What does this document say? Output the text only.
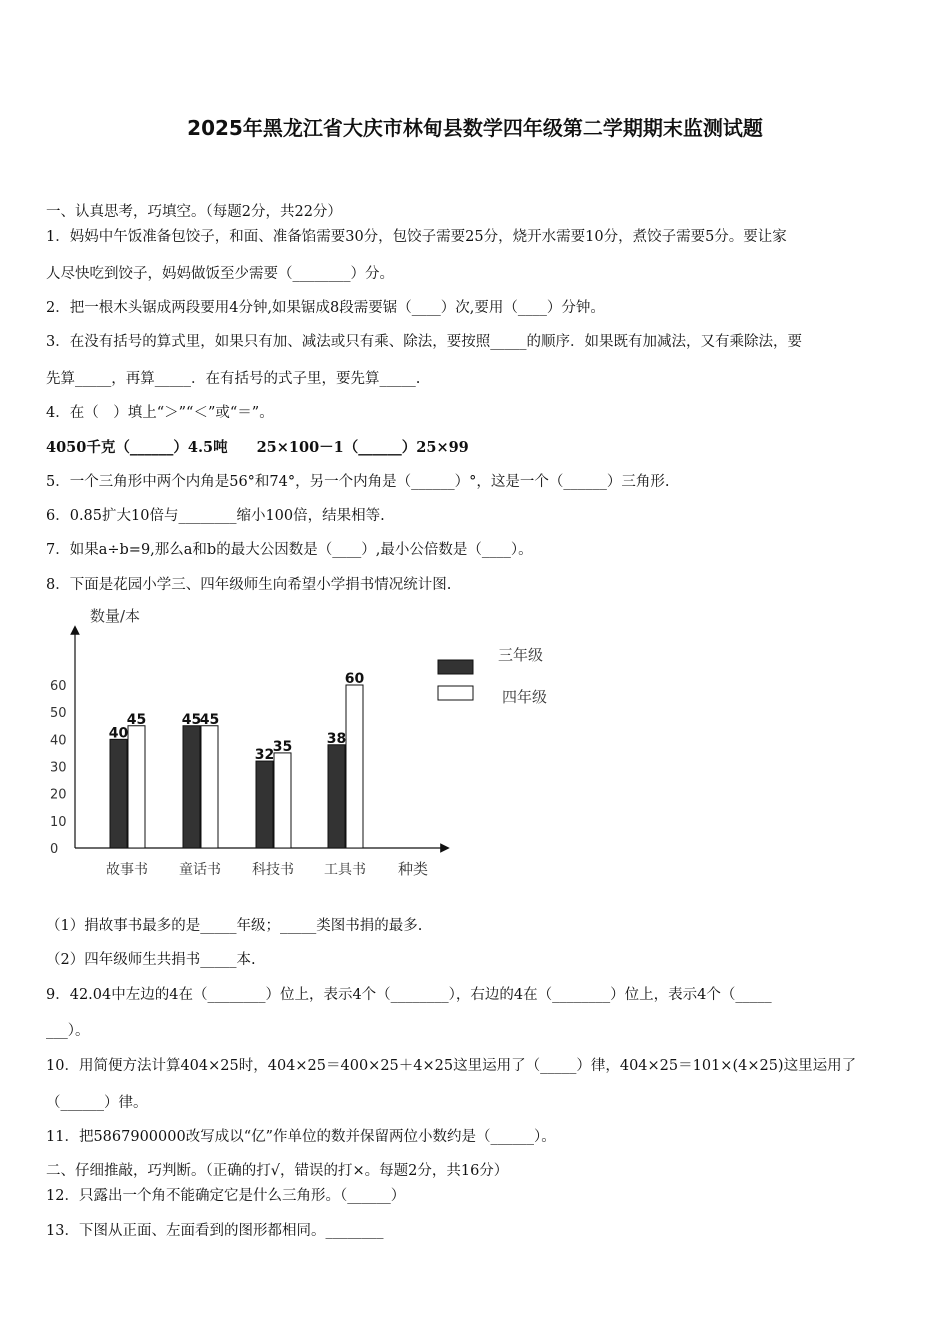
2025年黑龙江省大庆市林甸县数学四年级第二学期期末监测试题
一、认真思考，巧填空。（每题2分，共22分）
1．妈妈中午饭准备包饺子，和面、准备馅需要30分，包饺子需要25分，烧开水需要10分，煮饺子需要5分。要让家
人尽快吃到饺子，妈妈做饭至少需要（________）分。
2．把一根木头锯成两段要用4分钟,如果锯成8段需要锯（____）次,要用（____）分钟。
3．在没有括号的算式里，如果只有加、减法或只有乘、除法，要按照_____的顺序．如果既有加减法，又有乘除法，要
先算_____，再算_____．在有括号的式子里，要先算_____.
4．在（　）填上“＞”“＜”或“＝”。
4050千克（______）4.5吨　　25×100－1（______）25×99
5．一个三角形中两个内角是56°和74°，另一个内角是（______）°，这是一个（______）三角形.
6．0.85扩大10倍与________缩小100倍，结果相等.
7．如果a÷b=9,那么a和b的最大公因数是（____）,最小公倍数是（____）。
8．下面是花园小学三、四年级师生向希望小学捐书情况统计图.
数量/本
0
10
20
30
40
50
60
40
45	45
45
32
35
38
60
故事书 童话书 科技书 工具书 种类
三年级
四年级
（1）捐故事书最多的是_____年级；_____类图书捐的最多.
（2）四年级师生共捐书_____本.
9．42.04中左边的4在（________）位上，表示4个（________），右边的4在（________）位上，表示4个（_____
___）。
10．用简便方法计算404×25时，404×25＝400×25＋4×25这里运用了（_____）律，404×25＝101×(4×25)这里运用了
（______）律。
11．把5867900000改写成以“亿”作单位的数并保留两位小数约是（______）。
二、仔细推敲，巧判断。（正确的打√，错误的打×。每题2分，共16分）
12．只露出一个角不能确定它是什么三角形。（______）
13．下图从正面、左面看到的图形都相同。________
